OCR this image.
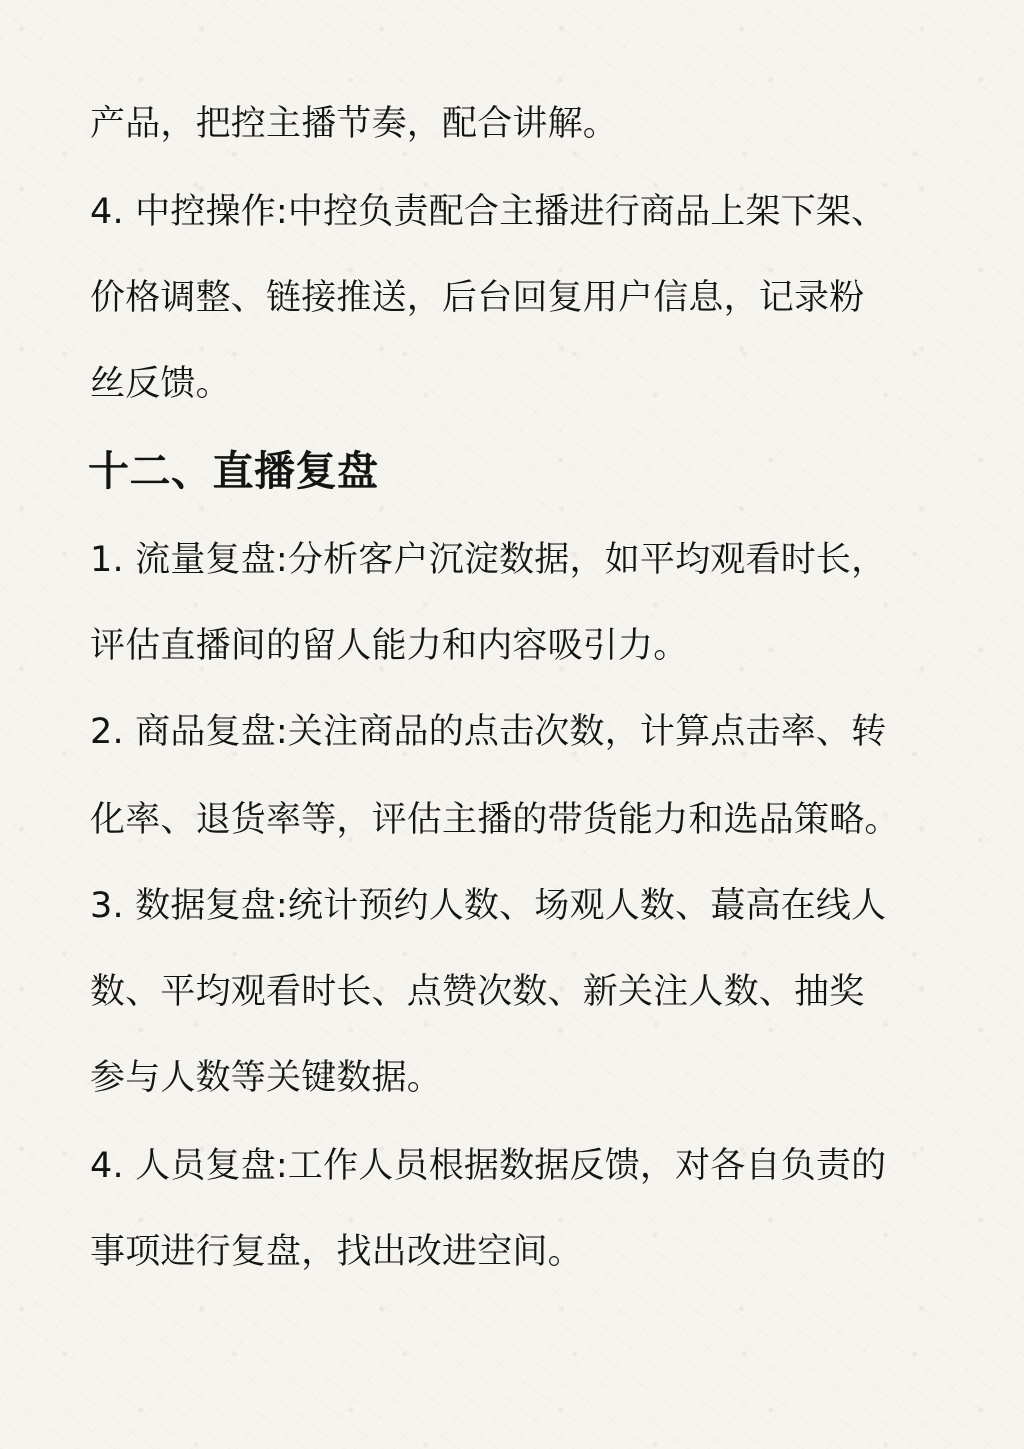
产品，把控主播节奏，配合讲解。
4. 中控操作:中控负责配合主播进行商品上架下架、
价格调整、链接推送，后台回复用户信息，记录粉
丝反馈。
十二、直播复盘
1. 流量复盘:分析客户沉淀数据，如平均观看时长，
评估直播间的留人能力和内容吸引力。
2. 商品复盘:关注商品的点击次数，计算点击率、转
化率、退货率等，评估主播的带货能力和选品策略。
3. 数据复盘:统计预约人数、场观人数、蕞高在线人
数、平均观看时长、点赞次数、新关注人数、抽奖
参与人数等关键数据。
4. 人员复盘:工作人员根据数据反馈，对各自负责的
事项进行复盘，找出改进空间。
